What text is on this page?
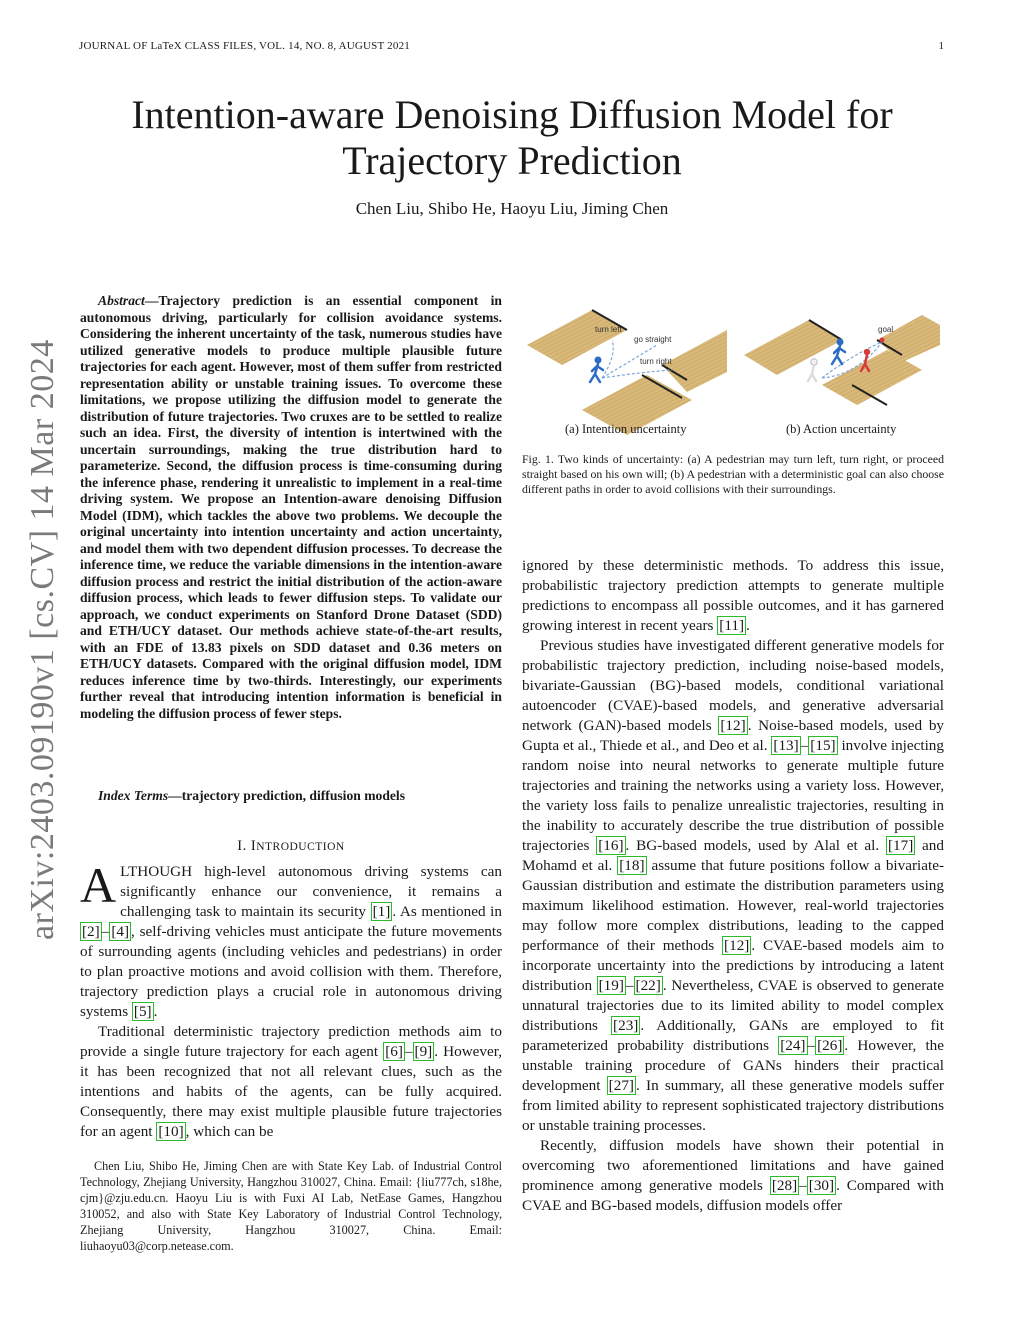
JOURNAL OF LaTeX CLASS FILES, VOL. 14, NO. 8, AUGUST 2021	1
Intention-aware Denoising Diffusion Model for
Trajectory Prediction
Chen Liu, Shibo He, Haoyu Liu, Jiming Chen
arXiv:2403.09190v1 [cs.CV] 14 Mar 2024

Abstract—Trajectory prediction is an essential component in autonomous driving, particularly for collision avoidance systems. Considering the inherent uncertainty of the task, numerous studies have utilized generative models to produce multiple plausible future trajectories for each agent. However, most of them suffer from restricted representation ability or unstable training issues. To overcome these limitations, we propose utilizing the diffusion model to generate the distribution of future trajectories. Two cruxes are to be settled to realize such an idea. First, the diversity of intention is intertwined with the uncertain surroundings, making the true distribution hard to parameterize. Second, the diffusion process is time-consuming during the inference phase, rendering it unrealistic to implement in a real-time driving system. We propose an Intention-aware denoising Diffusion Model (IDM), which tackles the above two problems. We decouple the original uncertainty into intention uncertainty and action uncertainty, and model them with two dependent diffusion processes. To decrease the inference time, we reduce the variable dimensions in the intention-aware diffusion process and restrict the initial distribution of the action-aware diffusion process, which leads to fewer diffusion steps. To validate our approach, we conduct experiments on Stanford Drone Dataset (SDD) and ETH/UCY dataset. Our methods achieve state-of-the-art results, with an FDE of 13.83 pixels on SDD dataset and 0.36 meters on ETH/UCY datasets. Compared with the original diffusion model, IDM reduces inference time by two-thirds. Interestingly, our experiments further reveal that introducing intention information is beneficial in modeling the diffusion process of fewer steps.

Index Terms—trajectory prediction, diffusion models
I. INTRODUCTION

ALTHOUGH high-level autonomous driving systems can significantly enhance our convenience, it remains a challenging task to maintain its security [1] . As mentioned in [2] – [4] , self-driving vehicles must anticipate the future movements of surrounding agents (including vehicles and pedestrians) in order to plan proactive motions and avoid collision with them. Therefore, trajectory prediction plays a crucial role in autonomous driving systems [5] .

Traditional deterministic trajectory prediction methods aim to provide a single future trajectory for each agent [6] – [9] . However, it has been recognized that not all relevant clues, such as the intentions and habits of the agents, can be fully acquired. Consequently, there may exist multiple plausible future trajectories for an agent [10] , which can be

Chen Liu, Shibo He, Jiming Chen are with State Key Lab. of Industrial Control Technology, Zhejiang University, Hangzhou 310027, China. Email: {liu777ch, s18he, cjm}@zju.edu.cn. Haoyu Liu is with Fuxi AI Lab, NetEase Games, Hangzhou 310052, and also with State Key Laboratory of Industrial Control Technology, Zhejiang University, Hangzhou 310027, China. Email: liuhaoyu03@corp.netease.com.

turn left
go straight
turn right
goal
(a) Intention uncertainty	(b) Action uncertainty
Fig. 1. Two kinds of uncertainty: (a) A pedestrian may turn left, turn right, or proceed straight based on his own will; (b) A pedestrian with a deterministic goal can also choose different paths in order to avoid collisions with their surroundings.

ignored by these deterministic methods. To address this issue, probabilistic trajectory prediction attempts to generate multiple predictions to encompass all possible outcomes, and it has garnered growing interest in recent years [11] .

Previous studies have investigated different generative models for probabilistic trajectory prediction, including noise-based models, bivariate-Gaussian (BG)-based models, conditional variational autoencoder (CVAE)-based models, and generative adversarial network (GAN)-based models [12] . Noise-based models, used by Gupta et al., Thiede et al., and Deo et al. [13] – [15] involve injecting random noise into neural networks to generate multiple future trajectories and training the networks using a variety loss. However, the variety loss fails to penalize unrealistic trajectories, resulting in the inability to accurately describe the true distribution of possible trajectories [16] . BG-based models, used by Alal et al. [17] and Mohamd et al. [18] assume that future positions follow a bivariate-Gaussian distribution and estimate the distribution parameters using maximum likelihood estimation. However, real-world trajectories may follow more complex distributions, leading to the capped performance of their methods [12] . CVAE-based models aim to incorporate uncertainty into the predictions by introducing a latent distribution [19] – [22] . Nevertheless, CVAE is observed to generate unnatural trajectories due to its limited ability to model complex distributions [23] . Additionally, GANs are employed to fit parameterized probability distributions [24] – [26] . However, the unstable training procedure of GANs hinders their practical development [27] . In summary, all these generative models suffer from limited ability to represent sophisticated trajectory distributions or unstable training processes.

Recently, diffusion models have shown their potential in overcoming two aforementioned limitations and have gained prominence among generative models [28] – [30] . Compared with CVAE and BG-based models, diffusion models offer
